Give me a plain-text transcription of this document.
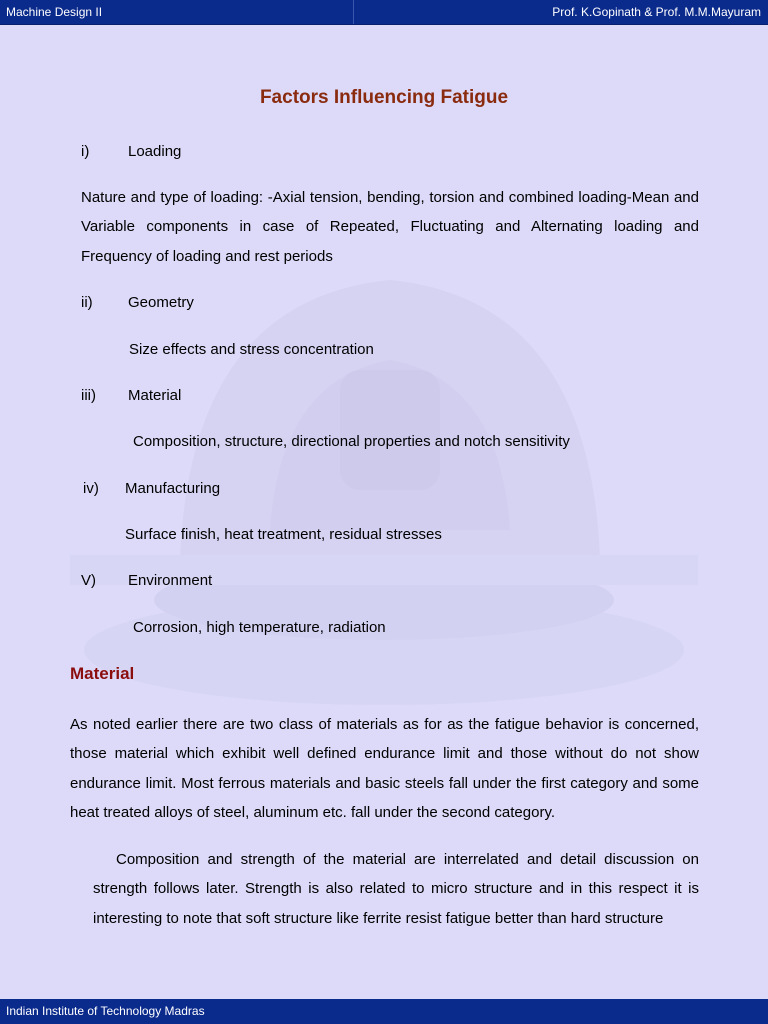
Machine Design II	Prof. K.Gopinath & Prof. M.M.Mayuram
Factors Influencing Fatigue
i)	Loading
Nature and type of loading: -Axial tension, bending, torsion and combined loading-Mean and Variable components in case of Repeated, Fluctuating and Alternating loading and Frequency of loading and rest periods
ii) Geometry
Size effects and stress concentration
iii) Material
Composition, structure, directional properties and notch sensitivity
iv) Manufacturing
Surface finish, heat treatment, residual stresses
V) Environment
Corrosion, high temperature, radiation
Material
As noted earlier there are two class of materials as for as the fatigue behavior is concerned, those material which exhibit well defined endurance limit and those without do not show endurance limit. Most ferrous materials and basic steels fall under the first category and some heat treated alloys of steel, aluminum etc. fall under the second category.
Composition and strength of the material are interrelated and detail discussion on strength follows later. Strength is also related to micro structure and in this respect it is interesting to note that soft structure like ferrite resist fatigue better than hard structure
Indian Institute of Technology Madras
